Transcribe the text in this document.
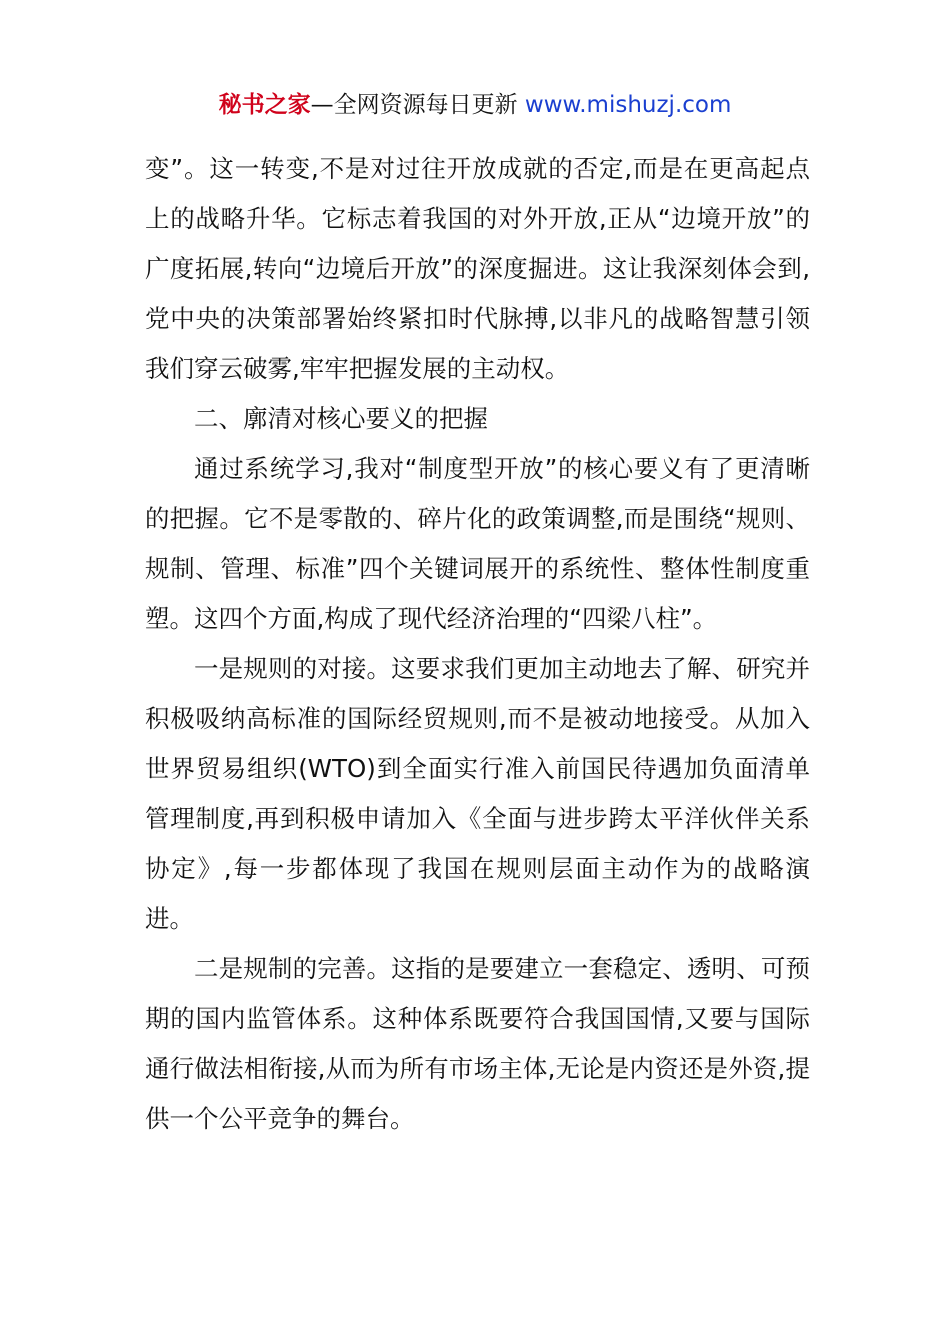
秘书之家—全网资源每日更新 www.mishuzj.com

变”。这一转变,不是对过往开放成就的否定,而是在更高起点上的战略升华。它标志着我国的对外开放,正从“边境开放”的广度拓展,转向“边境后开放”的深度掘进。这让我深刻体会到,党中央的决策部署始终紧扣时代脉搏,以非凡的战略智慧引领我们穿云破雾,牢牢把握发展的主动权。

二、廓清对核心要义的把握

通过系统学习,我对“制度型开放”的核心要义有了更清晰的把握。它不是零散的、碎片化的政策调整,而是围绕“规则、规制、管理、标准”四个关键词展开的系统性、整体性制度重塑。这四个方面,构成了现代经济治理的“四梁八柱”。

一是规则的对接。这要求我们更加主动地去了解、研究并积极吸纳高标准的国际经贸规则,而不是被动地接受。从加入世界贸易组织(WTO)到全面实行准入前国民待遇加负面清单管理制度,再到积极申请加入《全面与进步跨太平洋伙伴关系协定》,每一步都体现了我国在规则层面主动作为的战略演进。

二是规制的完善。这指的是要建立一套稳定、透明、可预期的国内监管体系。这种体系既要符合我国国情,又要与国际通行做法相衔接,从而为所有市场主体,无论是内资还是外资,提供一个公平竞争的舞台。
